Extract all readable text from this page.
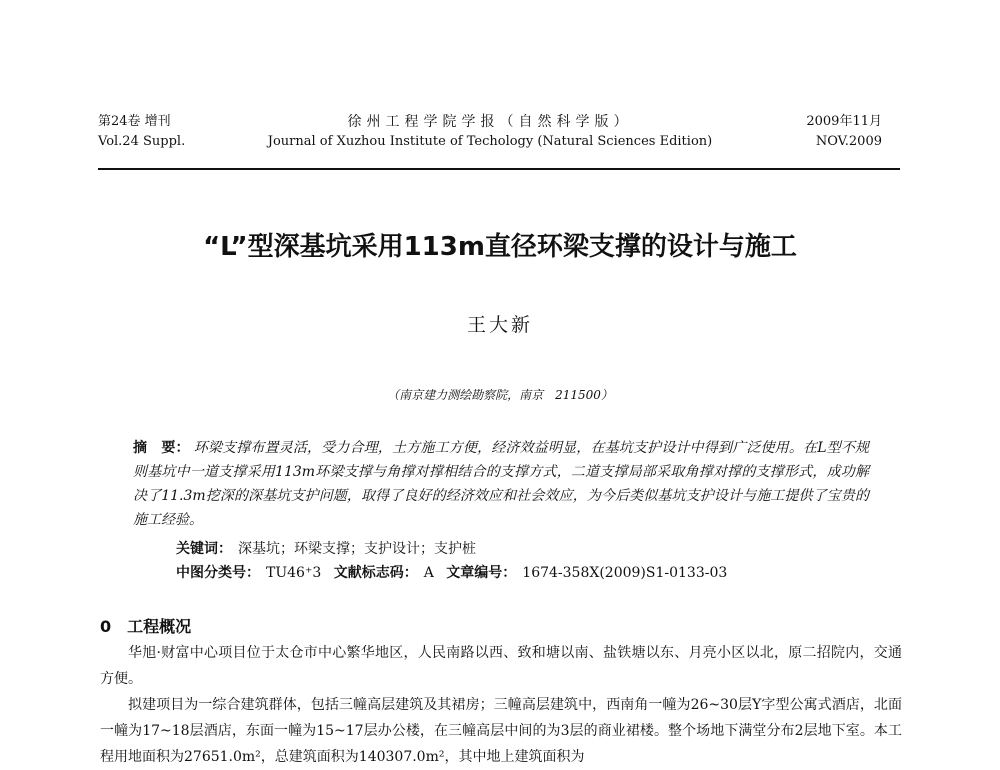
第24卷 增刊
Vol.24 Suppl.
徐州工程学院学报（自然科学版）
Journal of Xuzhou Institute of Techology (Natural Sciences Edition)
2009年11月
NOV.2009
“L”型深基坑采用113m直径环梁支撑的设计与施工
王大新
（南京建力测绘勘察院，南京　211500）
摘　要： 环梁支撑布置灵活，受力合理，土方施工方便，经济效益明显，在基坑支护设计中得到广泛使用。在L型不规则基坑中一道支撑采用113m环梁支撑与角撑对撑相结合的支撑方式，二道支撑局部采取角撑对撑的支撑形式，成功解决了11.3m挖深的深基坑支护问题，取得了良好的经济效应和社会效应，为今后类似基坑支护设计与施工提供了宝贵的施工经验。
关键词： 深基坑；环梁支撑；支护设计；支护桩
中图分类号： TU46⁺3 文献标志码： A 文章编号： 1674-358X(2009)S1-0133-03
0 工程概况

华旭·财富中心项目位于太仓市中心繁华地区，人民南路以西、致和塘以南、盐铁塘以东、月亮小区以北，原二招院内，交通方便。

拟建项目为一综合建筑群体，包括三幢高层建筑及其裙房；三幢高层建筑中，西南角一幢为26~30层Y字型公寓式酒店，北面一幢为17~18层酒店，东面一幢为15~17层办公楼，在三幢高层中间的为3层的商业裙楼。整个场地下满堂分布2层地下室。本工程用地面积为27651.0m²，总建筑面积为140307.0m²，其中地上建筑面积为
